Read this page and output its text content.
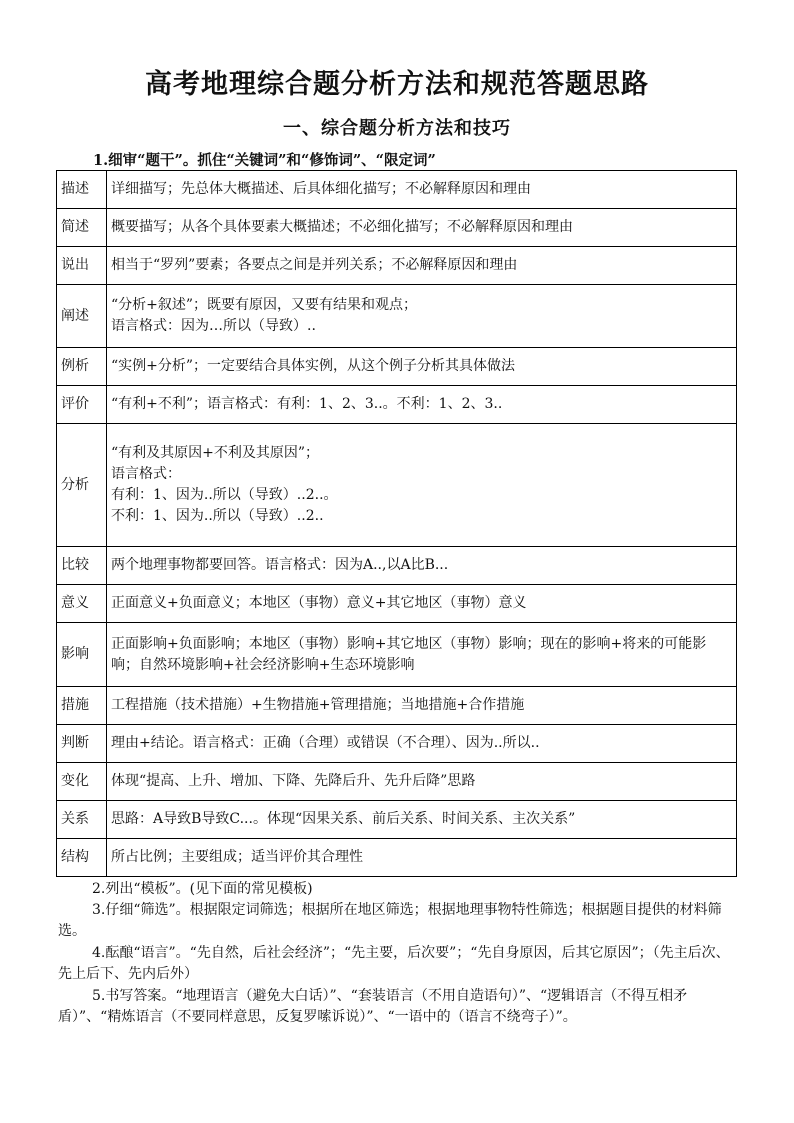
高考地理综合题分析方法和规范答题思路
一、综合题分析方法和技巧
1.细审“题干”。抓住“关键词”和“修饰词”、“限定词”
描述	详细描写；先总体大概描述、后具体细化描写；不必解释原因和理由

简述	概要描写；从各个具体要素大概描述；不必细化描写；不必解释原因和理由

说出	相当于“罗列”要素；各要点之间是并列关系；不必解释原因和理由

阐述	“分析+叙述”；既要有原因，又要有结果和观点；
语言格式：因为…所以（导致）..

例析	“实例+分析”；一定要结合具体实例，从这个例子分析其具体做法

评价	“有利+不利”；语言格式：有利：1、2、3..。不利：1、2、3..

分析	“有利及其原因+不利及其原因”；
语言格式：
有利：1、因为..所以（导致）..2..。
不利：1、因为..所以（导致）..2..

比较	两个地理事物都要回答。语言格式：因为A..,以A比B...

意义	正面意义+负面意义；本地区（事物）意义+其它地区（事物）意义

影响	正面影响+负面影响；本地区（事物）影响+其它地区（事物）影响；现在的影响+将来的可能影响；自然环境影响+社会经济影响+生态环境影响

措施	工程措施（技术措施）+生物措施+管理措施；当地措施+合作措施

判断	理由+结论。语言格式：正确（合理）或错误（不合理）、因为..所以..

变化	体现“提高、上升、增加、下降、先降后升、先升后降”思路

关系	思路：A导致B导致C...。体现“因果关系、前后关系、时间关系、主次关系”

结构	所占比例；主要组成；适当评价其合理性
2.列出“模板”。(见下面的常见模板)
3.仔细“筛选”。根据限定词筛选；根据所在地区筛选；根据地理事物特性筛选；根据题目提供的材料筛选。
4.酝酿“语言”。“先自然，后社会经济”；“先主要，后次要”；“先自身原因，后其它原因”；（先主后次、先上后下、先内后外）
5.书写答案。“地理语言（避免大白话）”、“套装语言（不用自造语句）”、“逻辑语言（不得互相矛盾）”、“精炼语言（不要同样意思，反复罗嗦诉说）”、“一语中的（语言不绕弯子）”。
